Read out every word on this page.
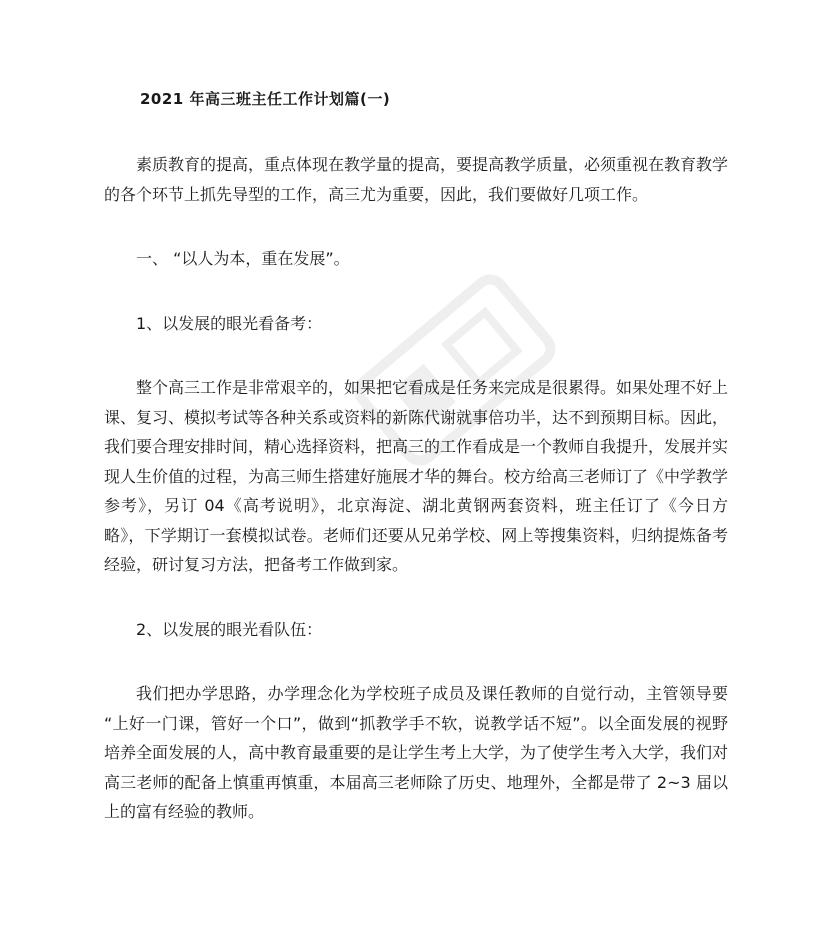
2021 年高三班主任工作计划篇(一)

素质教育的提高，重点体现在教学量的提高，要提高教学质量，必须重视在教育教学的各个环节上抓先导型的工作，高三尤为重要，因此，我们要做好几项工作。

一、 “以人为本，重在发展”。

1、以发展的眼光看备考：

整个高三工作是非常艰辛的，如果把它看成是任务来完成是很累得。如果处理不好上课、复习、模拟考试等各种关系或资料的新陈代谢就事倍功半，达不到预期目标。因此，我们要合理安排时间，精心选择资料，把高三的工作看成是一个教师自我提升，发展并实现人生价值的过程，为高三师生搭建好施展才华的舞台。校方给高三老师订了《中学教学参考》，另订 04《高考说明》，北京海淀、湖北黄钢两套资料，班主任订了《今日方略》，下学期订一套模拟试卷。老师们还要从兄弟学校、网上等搜集资料，归纳提炼备考经验，研讨复习方法，把备考工作做到家。

2、以发展的眼光看队伍：

我们把办学思路，办学理念化为学校班子成员及课任教师的自觉行动，主管领导要 “上好一门课，管好一个口”，做到“抓教学手不软，说教学话不短”。以全面发展的视野培养全面发展的人，高中教育最重要的是让学生考上大学，为了使学生考入大学，我们对高三老师的配备上慎重再慎重，本届高三老师除了历史、地理外，全都是带了 2~3 届以上的富有经验的教师。
